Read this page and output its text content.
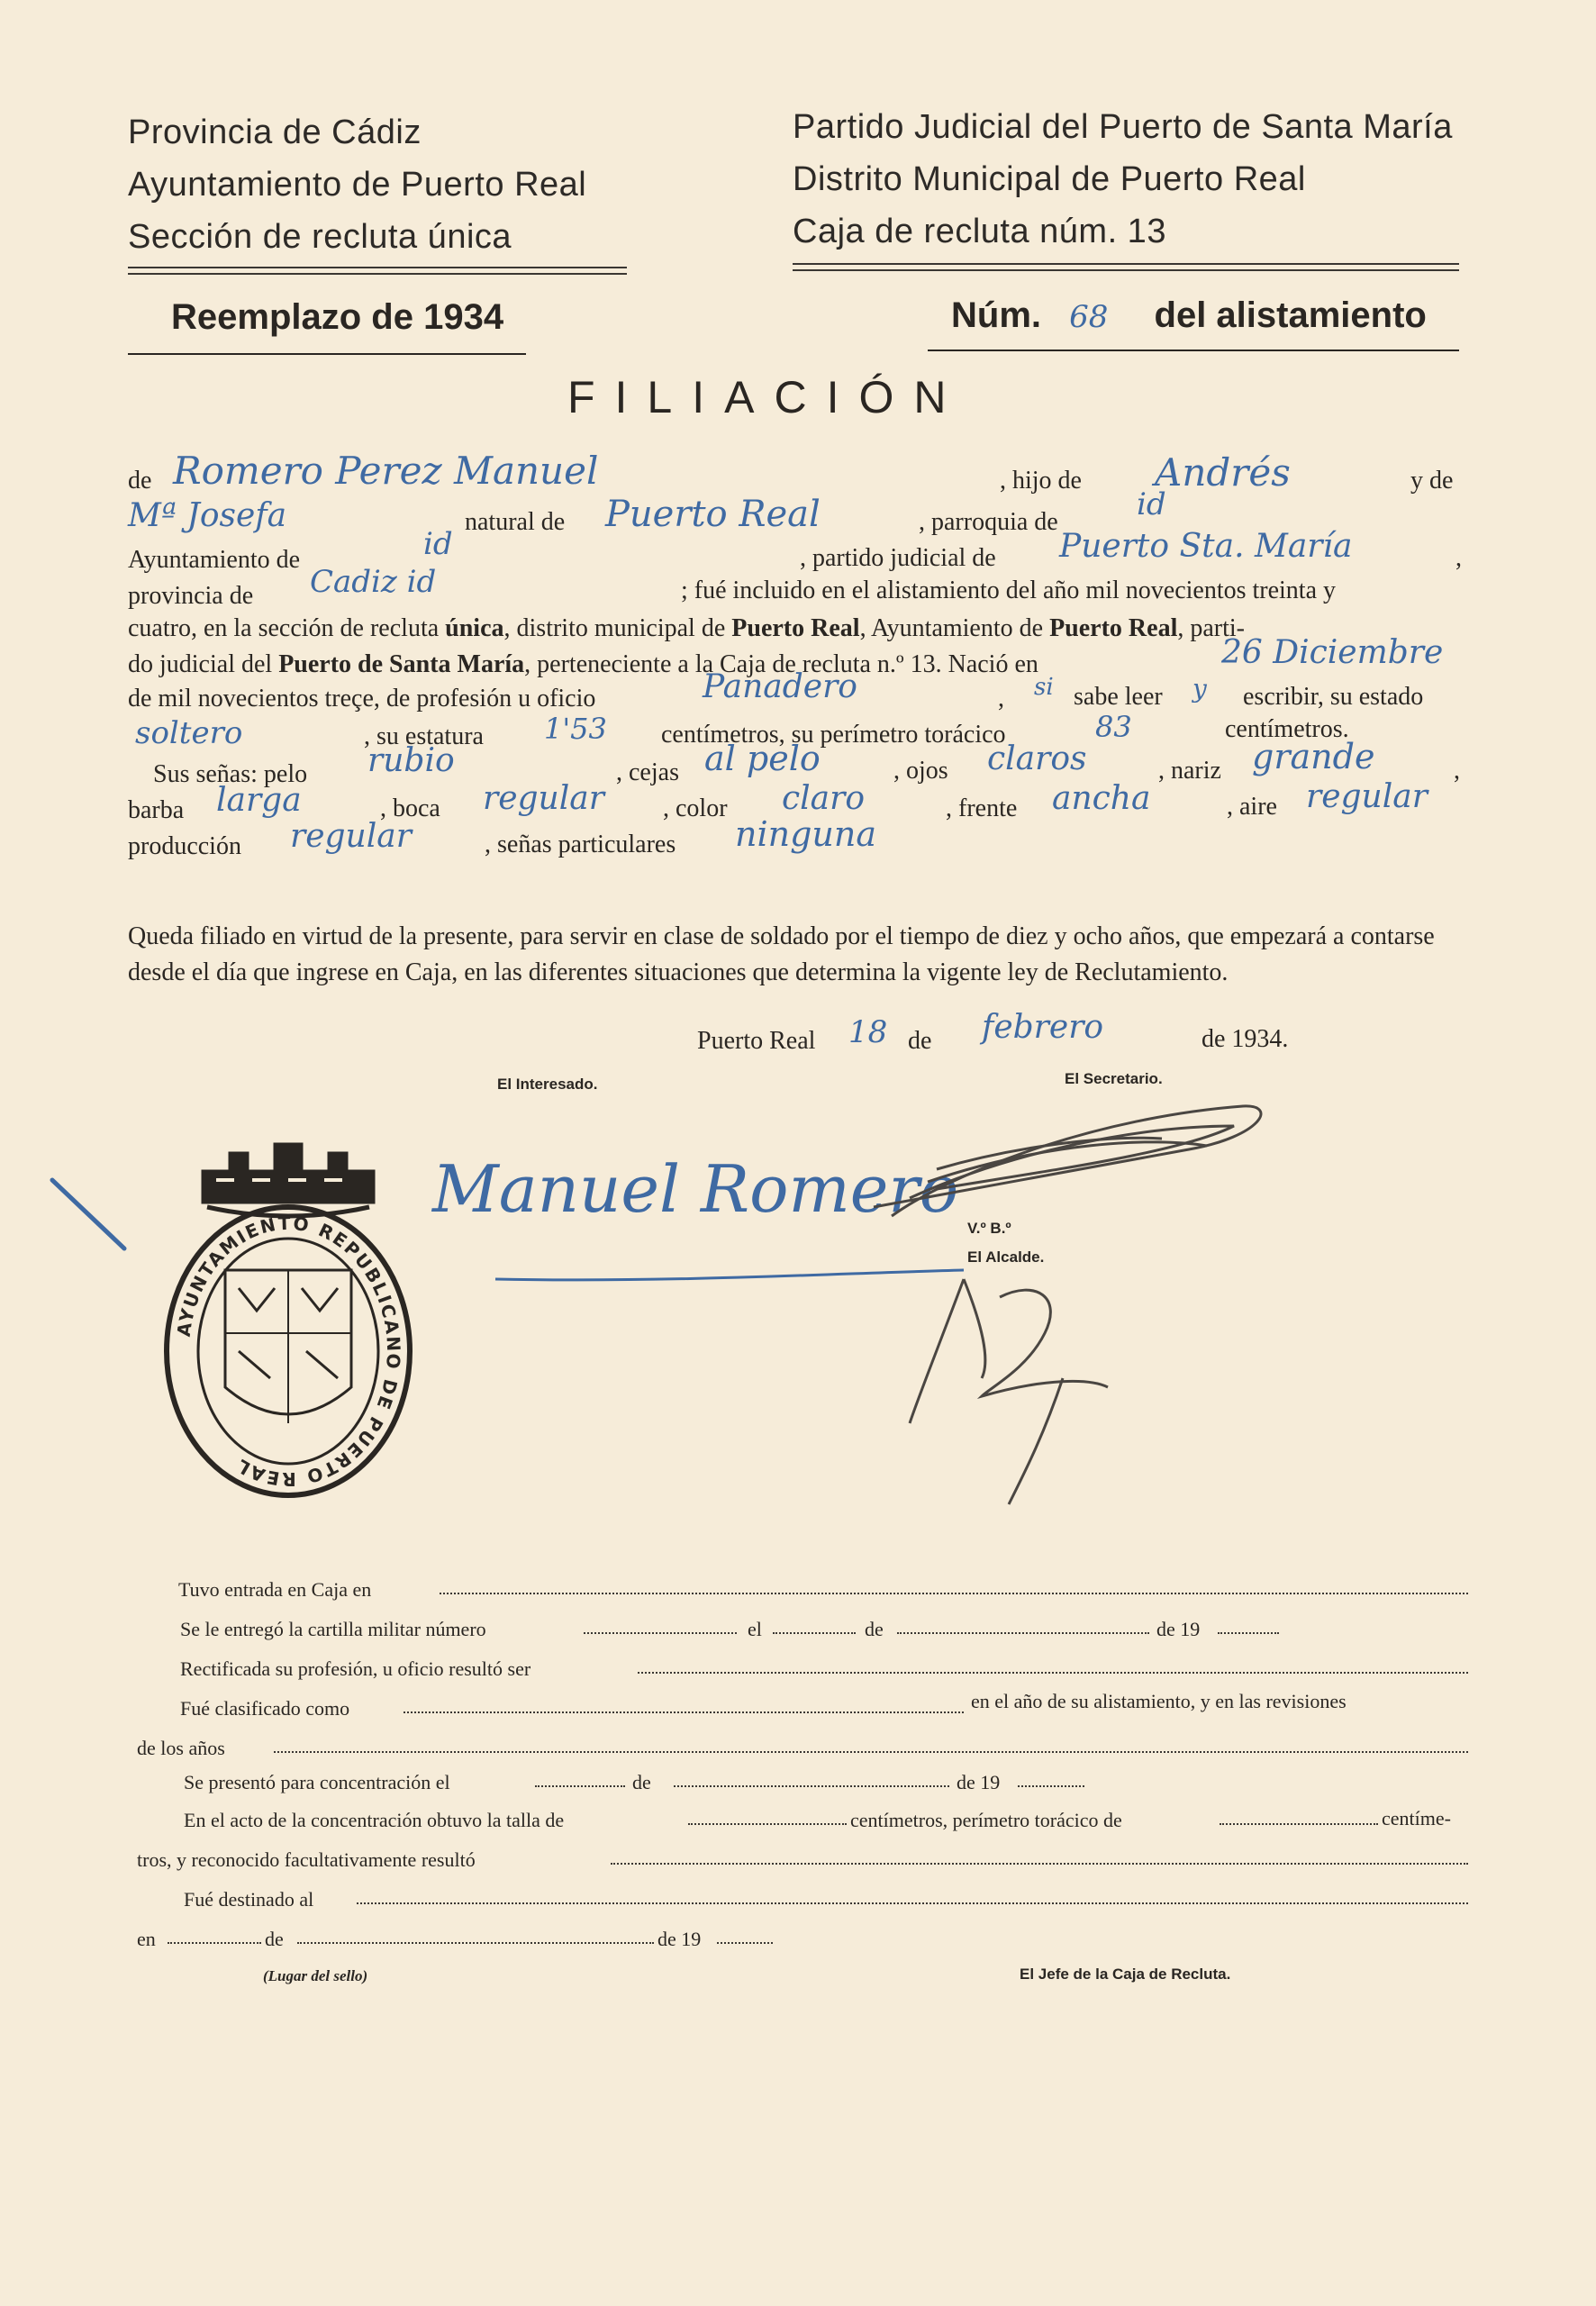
Provincia de Cádiz
Ayuntamiento de Puerto Real
Sección de recluta única
Partido Judicial del Puerto de Santa María
Distrito Municipal de Puerto Real
Caja de recluta núm. 13
Reemplazo de 1934	Núm. 68 del alistamiento
FILIACIÓN
de Romero Perez Manuel	, hijo de Andrés	y de
Mª Josefa	natural de Puerto Real	, parroquia de	id
Ayuntamiento de	id	, partido judicial de Puerto Sta. María	,
provincia de Cadiz id	; fué incluido en el alistamiento del año mil novecientos treinta y
cuatro, en la sección de recluta única, distrito municipal de Puerto Real, Ayuntamiento de Puerto Real, parti-
do judicial del Puerto de Santa María, perteneciente a la Caja de recluta n.º 13. Nació en	26 Diciembre
de mil novecientos treçe, de profesión u oficio	Panadero	, si sabe leer y escribir, su estado
soltero	, su estatura 1'53 centímetros, su perímetro torácico	83	centímetros.
Sus señas: pelo rubio	, cejas al pelo	, ojos claros	, nariz grande	,
barba larga	, boca regular , color claro	, frente ancha	, aire regular
producción regular	, señas particulares ninguna
Queda filiado en virtud de la presente, para servir en clase de soldado por el tiempo de diez y ocho años, que empezará a contarse desde el día que ingrese en Caja, en las diferentes situaciones que determina la vigente ley de Reclutamiento.
Puerto Real 18 de febrero	de 1934.
El Interesado.	El Secretario.
V.º B.º
El Alcalde.
Manuel Romero
AYUNTAMIENTO REPUBLICANO DE PUERTO REAL
Tuvo entrada en Caja en
Se le entregó la cartilla militar número	el	de	de 19
Rectificada su profesión, u oficio resultó ser
Fué clasificado como	en el año de su alistamiento, y en las revisiones
de los años
Se presentó para concentración el	de	de 19
En el acto de la concentración obtuvo la talla de	centímetros, perímetro torácico de	centíme-
tros, y reconocido facultativamente resultó
Fué destinado al
en	de	de 19
(Lugar del sello)	El Jefe de la Caja de Recluta.
